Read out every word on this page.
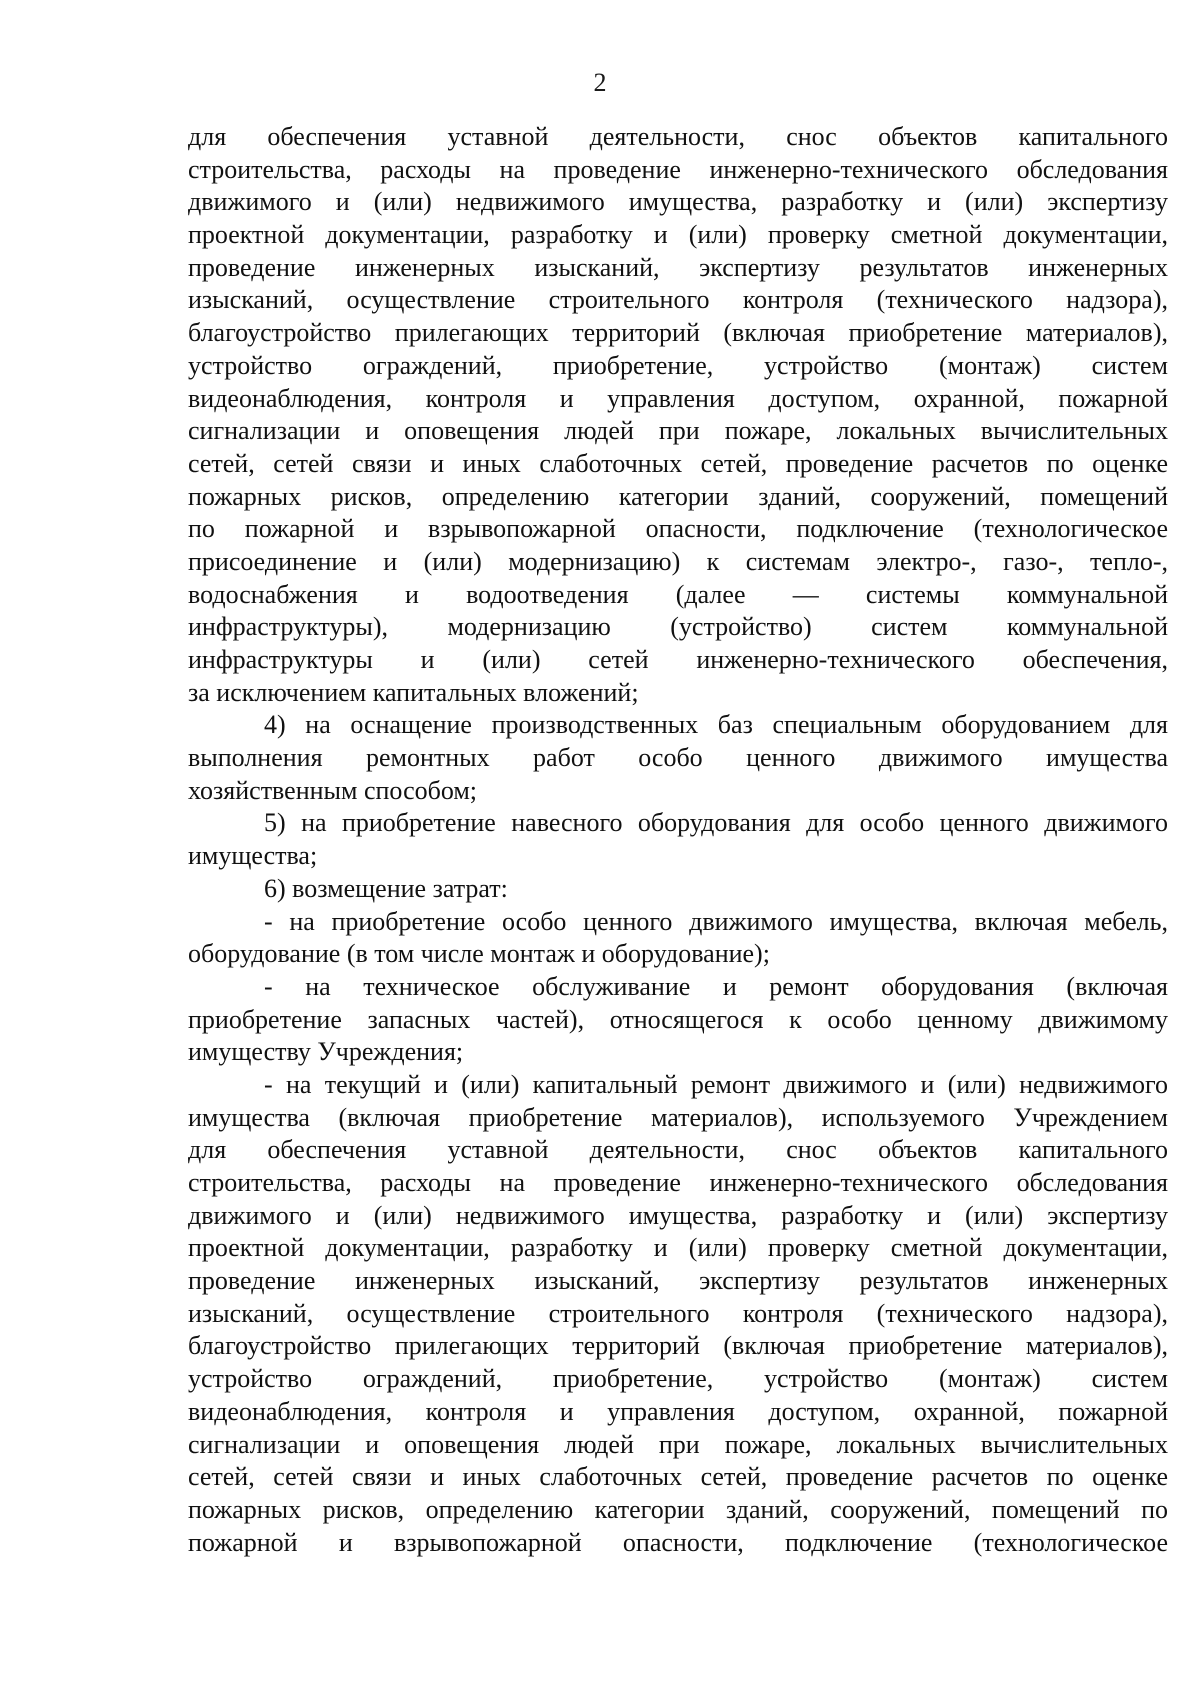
2
для обеспечения уставной деятельности, снос объектов капитального
строительства, расходы на проведение инженерно-технического обследования
движимого и (или) недвижимого имущества, разработку и (или) экспертизу
проектной документации, разработку и (или) проверку сметной документации,
проведение инженерных изысканий, экспертизу результатов инженерных
изысканий, осуществление строительного контроля (технического надзора),
благоустройство прилегающих территорий (включая приобретение материалов),
устройство ограждений, приобретение, устройство (монтаж) систем
видеонаблюдения, контроля и управления доступом, охранной, пожарной
сигнализации и оповещения людей при пожаре, локальных вычислительных
сетей, сетей связи и иных слаботочных сетей, проведение расчетов по оценке
пожарных рисков, определению категории зданий, сооружений, помещений
по пожарной и взрывопожарной опасности, подключение (технологическое
присоединение и (или) модернизацию) к системам электро-, газо-, тепло-,
водоснабжения и водоотведения (далее — системы коммунальной
инфраструктуры), модернизацию (устройство) систем коммунальной
инфраструктуры и (или) сетей инженерно-технического обеспечения,
за исключением капитальных вложений;
4) на оснащение производственных баз специальным оборудованием для
выполнения ремонтных работ особо ценного движимого имущества
хозяйственным способом;
5) на приобретение навесного оборудования для особо ценного движимого
имущества;
6) возмещение затрат:
- на приобретение особо ценного движимого имущества, включая мебель,
оборудование (в том числе монтаж и оборудование);
- на техническое обслуживание и ремонт оборудования (включая
приобретение запасных частей), относящегося к особо ценному движимому
имуществу Учреждения;
- на текущий и (или) капитальный ремонт движимого и (или) недвижимого
имущества (включая приобретение материалов), используемого Учреждением
для обеспечения уставной деятельности, снос объектов капитального
строительства, расходы на проведение инженерно-технического обследования
движимого и (или) недвижимого имущества, разработку и (или) экспертизу
проектной документации, разработку и (или) проверку сметной документации,
проведение инженерных изысканий, экспертизу результатов инженерных
изысканий, осуществление строительного контроля (технического надзора),
благоустройство прилегающих территорий (включая приобретение материалов),
устройство ограждений, приобретение, устройство (монтаж) систем
видеонаблюдения, контроля и управления доступом, охранной, пожарной
сигнализации и оповещения людей при пожаре, локальных вычислительных
сетей, сетей связи и иных слаботочных сетей, проведение расчетов по оценке
пожарных рисков, определению категории зданий, сооружений, помещений по
пожарной и взрывопожарной опасности, подключение (технологическое
